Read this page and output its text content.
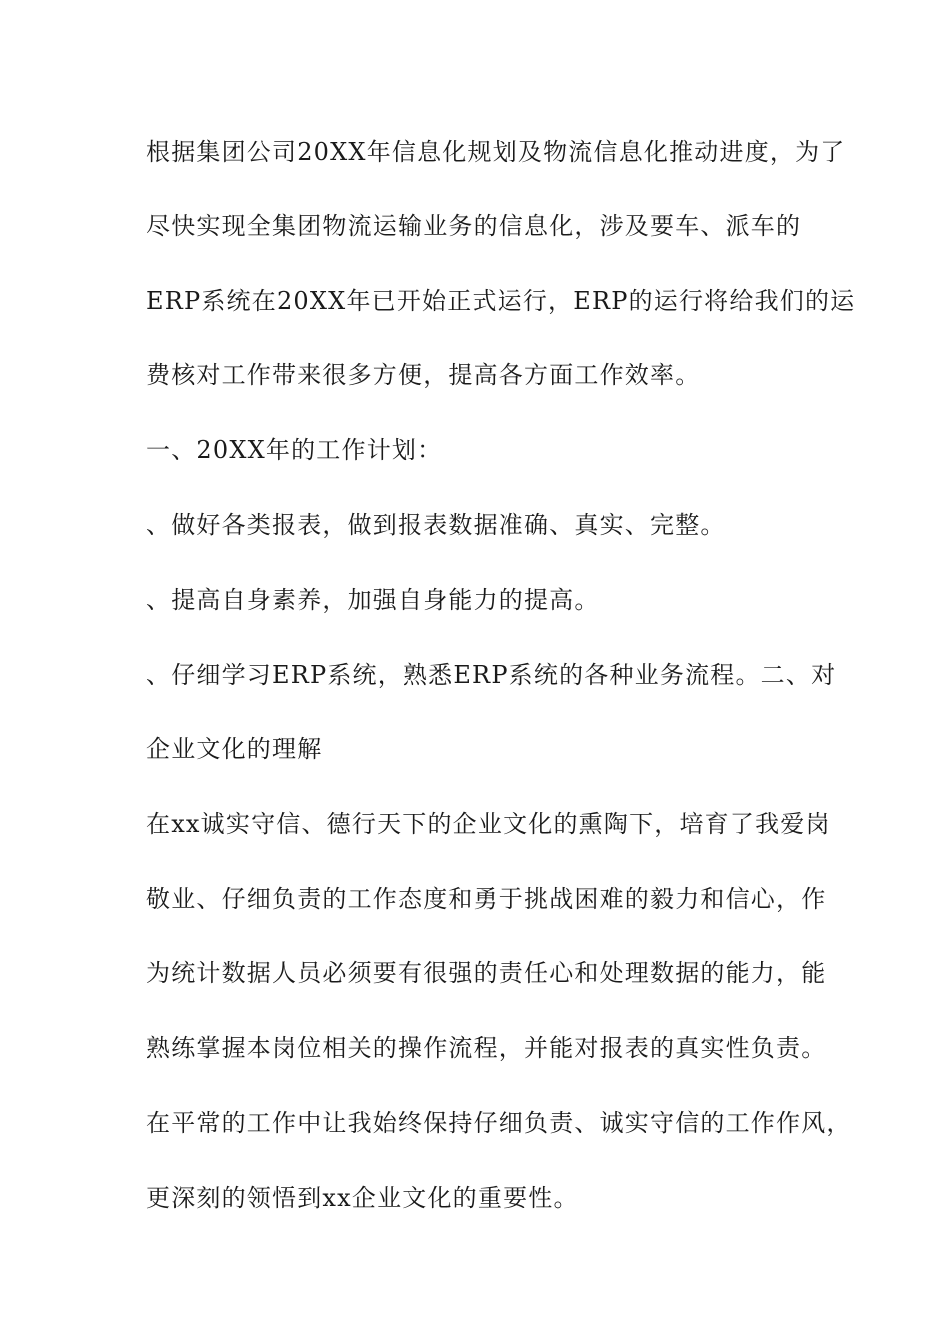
根据集团公司20XX年信息化规划及物流信息化推动进度，为了
尽快实现全集团物流运输业务的信息化，涉及要车、派车的
ERP系统在20XX年已开始正式运行，ERP的运行将给我们的运
费核对工作带来很多方便，提高各方面工作效率。
一、20XX年的工作计划：
、做好各类报表，做到报表数据准确、真实、完整。
、提高自身素养，加强自身能力的提高。
、仔细学习ERP系统，熟悉ERP系统的各种业务流程。二、对
企业文化的理解
在xx诚实守信、德行天下的企业文化的熏陶下，培育了我爱岗
敬业、仔细负责的工作态度和勇于挑战困难的毅力和信心，作
为统计数据人员必须要有很强的责任心和处理数据的能力，能
熟练掌握本岗位相关的操作流程，并能对报表的真实性负责。
在平常的工作中让我始终保持仔细负责、诚实守信的工作作风，
更深刻的领悟到xx企业文化的重要性。
